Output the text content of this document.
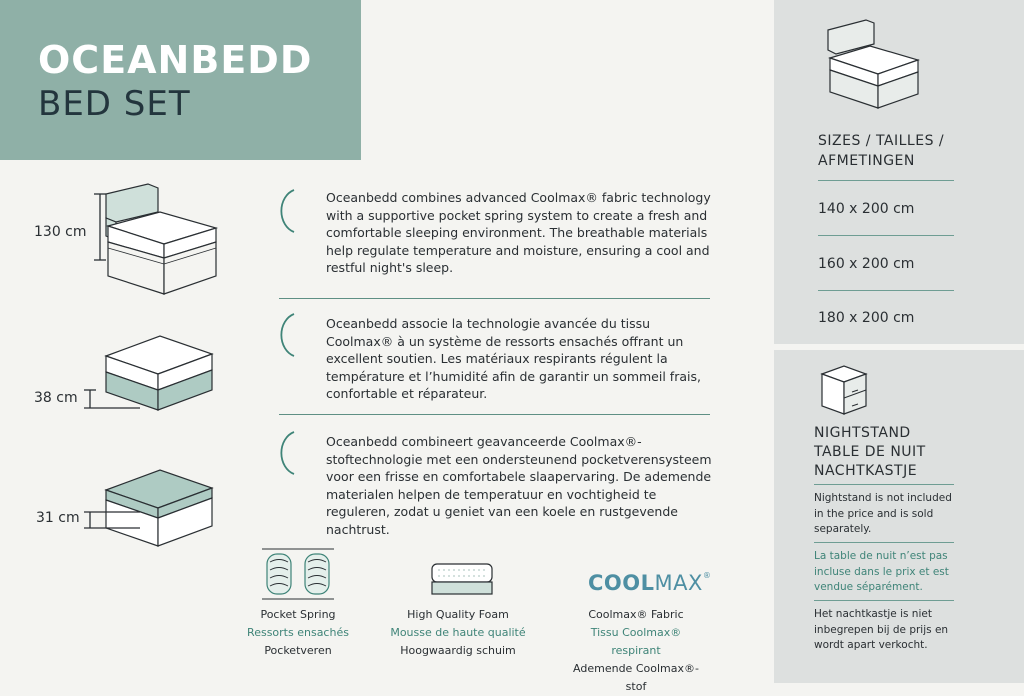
OCEANBEDD
BED SET
130 cm
38 cm
31 cm
Oceanbedd combines advanced Coolmax® fabric technology with a supportive pocket spring system to create a fresh and comfortable sleeping environment. The breathable materials help regulate temperature and moisture, ensuring a cool and restful night's sleep.
Oceanbedd associe la technologie avancée du tissu Coolmax® à un système de ressorts ensachés offrant un excellent soutien. Les matériaux respirants régulent la température et l’humidité afin de garantir un sommeil frais, confortable et réparateur.
Oceanbedd combineert geavanceerde Coolmax®-stoftechnologie met een ondersteunend pocketverensysteem voor een frisse en comfortabele slaapervaring. De ademende materialen helpen de temperatuur en vochtigheid te reguleren, zodat u geniet van een koele en rustgevende nachtrust.
Pocket Spring
Ressorts ensachés
Pocketveren
High Quality Foam
Mousse de haute qualité
Hoogwaardig schuim
COOLMAX®
Coolmax® Fabric
Tissu Coolmax® respirant
Ademende Coolmax®-stof
SIZES / TAILLES /
AFMETINGEN
140 x 200 cm
160 x 200 cm
180 x 200 cm
NIGHTSTAND
TABLE DE NUIT
NACHTKASTJE
Nightstand is not included in the price and is sold separately.
La table de nuit n’est pas incluse dans le prix et est vendue séparément.
Het nachtkastje is niet inbegrepen bij de prijs en wordt apart verkocht.
